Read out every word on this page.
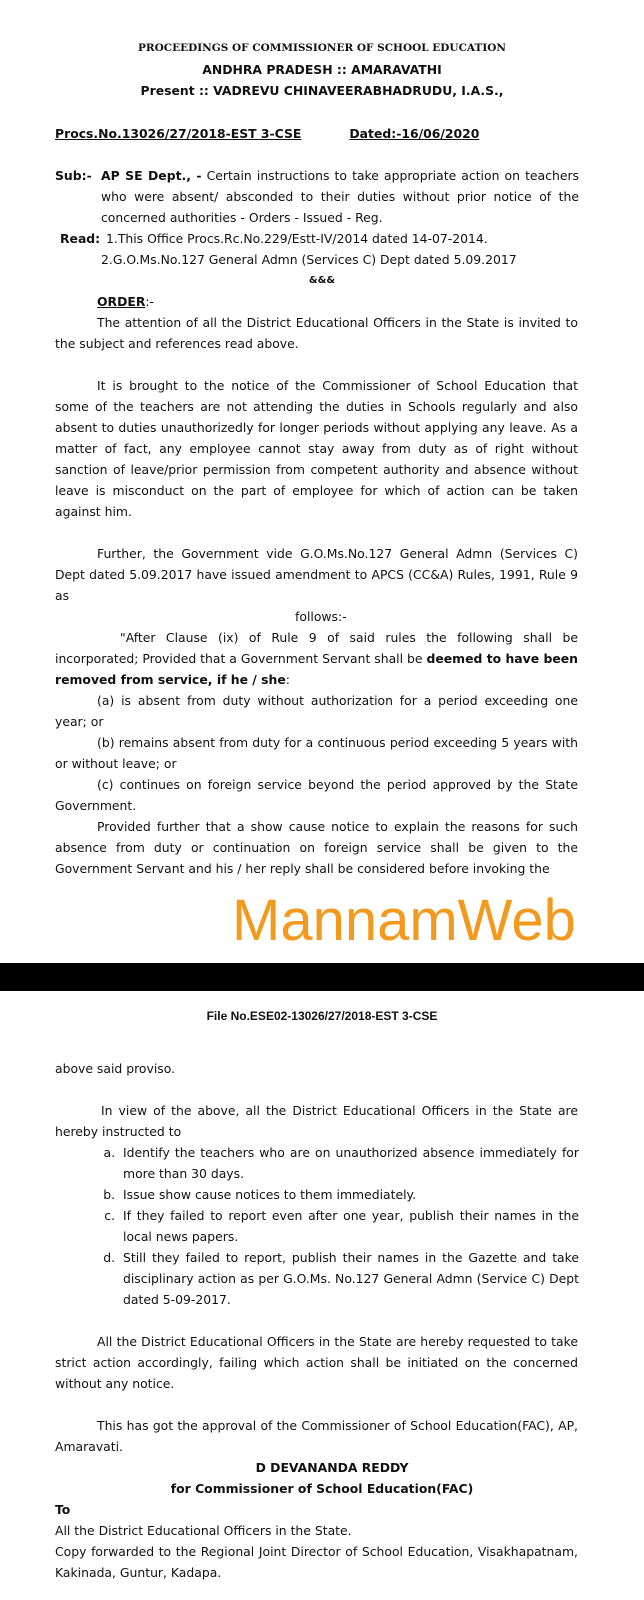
PROCEEDINGS OF COMMISSIONER OF SCHOOL EDUCATION
ANDHRA PRADESH :: AMARAVATHI
Present :: VADREVU CHINAVEERABHADRUDU, I.A.S.,
Procs.No.13026/27/2018-EST 3-CSE	Dated:-16/06/2020
Sub:- AP SE Dept., - Certain instructions to take appropriate action on teachers who were absent/ absconded to their duties without prior notice of the concerned authorities - Orders - Issued - Reg.
Read: 1.This Office Procs.Rc.No.229/Estt-IV/2014 dated 14-07-2014.
2.G.O.Ms.No.127 General Admn (Services C) Dept dated 5.09.2017
&&&
ORDER:-
The attention of all the District Educational Officers in the State is invited to the subject and references read above.
It is brought to the notice of the Commissioner of School Education that some of the teachers are not attending the duties in Schools regularly and also absent to duties unauthorizedly for longer periods without applying any leave. As a matter of fact, any employee cannot stay away from duty as of right without sanction of leave/prior permission from competent authority and absence without leave is misconduct on the part of employee for which of action can be taken against him.
Further, the Government vide G.O.Ms.No.127 General Admn (Services C) Dept dated 5.09.2017 have issued amendment to APCS (CC&A) Rules, 1991, Rule 9 as
follows:-
"After Clause (ix) of Rule 9 of said rules the following shall be incorporated; Provided that a Government Servant shall be deemed to have been removed from service, if he / she:
(a) is absent from duty without authorization for a period exceeding one year; or
(b) remains absent from duty for a continuous period exceeding 5 years with or without leave; or
(c) continues on foreign service beyond the period approved by the State Government.
Provided further that a show cause notice to explain the reasons for such absence from duty or continuation on foreign service shall be given to the Government Servant and his / her reply shall be considered before invoking the
MannamWeb
File No.ESE02-13026/27/2018-EST 3-CSE
above said proviso.
In view of the above, all the District Educational Officers in the State are hereby instructed to
a. Identify the teachers who are on unauthorized absence immediately for more than 30 days.
b. Issue show cause notices to them immediately.
c. If they failed to report even after one year, publish their names in the local news papers.
d. Still they failed to report, publish their names in the Gazette and take disciplinary action as per G.O.Ms. No.127 General Admn (Service C) Dept dated 5-09-2017.
All the District Educational Officers in the State are hereby requested to take strict action accordingly, failing which action shall be initiated on the concerned without any notice.
This has got the approval of the Commissioner of School Education(FAC), AP, Amaravati.
D DEVANANDA REDDY
for Commissioner of School Education(FAC)
To
All the District Educational Officers in the State.
Copy forwarded to the Regional Joint Director of School Education, Visakhapatnam, Kakinada, Guntur, Kadapa.
